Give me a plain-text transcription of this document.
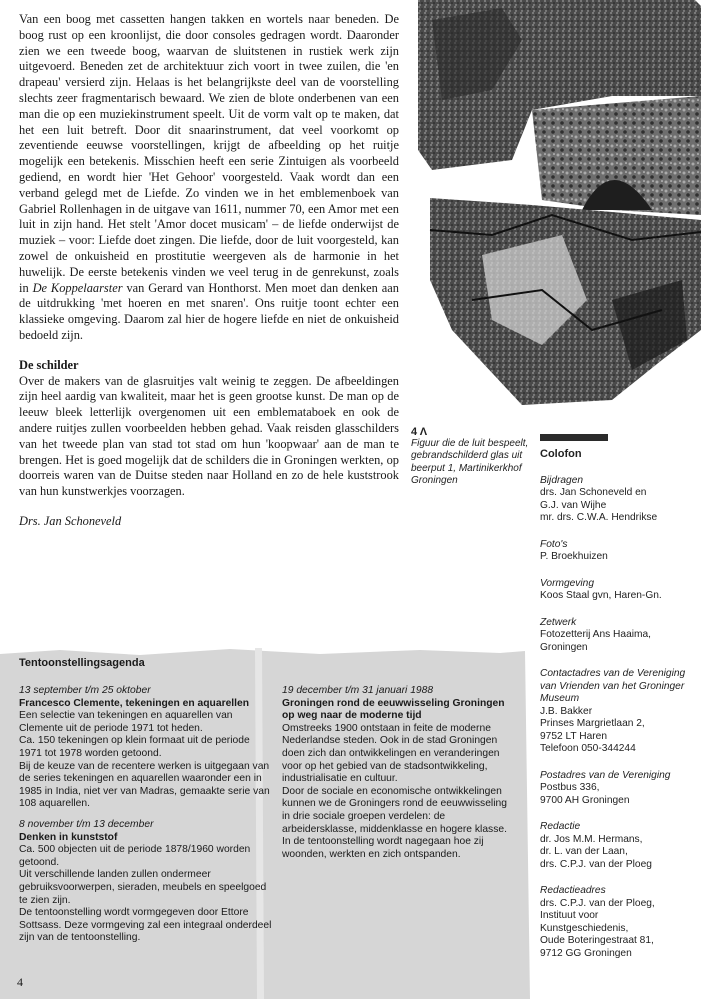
Van een boog met cassetten hangen takken en wortels naar beneden. De boog rust op een kroonlijst, die door consoles gedragen wordt. Daaronder zien we een tweede boog, waarvan de sluitstenen in rustiek werk zijn uitgevoerd. Beneden zet de architektuur zich voort in twee zuilen, die 'en drapeau' versierd zijn. Helaas is het belangrijkste deel van de voorstelling slechts zeer fragmentarisch bewaard. We zien de blote onderbenen van een man die op een muziekinstrument speelt. Uit de vorm valt op te maken, dat het een luit betreft. Door dit snaarinstrument, dat veel voorkomt op zeventiende eeuwse voorstellingen, krijgt de afbeelding op het ruitje mogelijk een betekenis. Misschien heeft een serie Zintuigen als voorbeeld gediend, en wordt hier 'Het Gehoor' voorgesteld. Vaak wordt dan een verband gelegd met de Liefde. Zo vinden we in het emblemenboek van Gabriel Rollenhagen in de uitgave van 1611, nummer 70, een Amor met een luit in zijn hand. Het stelt 'Amor docet musicam' – de liefde onderwijst de muziek – voor: Liefde doet zingen. Die liefde, door de luit voorgesteld, kan zowel de onkuisheid en prostitutie weergeven als de harmonie in het huwelijk. De eerste betekenis vinden we veel terug in de genrekunst, zoals in De Koppelaarster van Gerard van Honthorst. Men moet dan denken aan de uitdrukking 'met hoeren en met snaren'. Ons ruitje toont echter een klassieke omgeving. Daarom zal hier de hogere liefde en niet de onkuisheid bedoeld zijn.

De schilder

Over de makers van de glasruitjes valt weinig te zeggen. De afbeeldingen zijn heel aardig van kwaliteit, maar het is geen grootse kunst. De man op de leeuw bleek letterlijk overgenomen uit een emblemataboek en ook de andere ruitjes zullen voorbeelden hebben gehad. Vaak reisden glasschilders van het tweede plan van stad tot stad om hun 'koopwaar' aan de man te brengen. Het is goed mogelijk dat de schilders die in Groningen werkten, op doorreis waren van de Duitse steden naar Holland en zo de hele kuststrook van hun kunstwerkjes voorzagen.

Drs. Jan Schoneveld

4 Λ
Figuur die de luit bespeelt, gebrandschilderd glas uit beerput 1, Martinikerkhof Groningen
Colofon
Bijdragen
drs. Jan Schoneveld en
G.J. van Wijhe
mr. drs. C.W.A. Hendrikse
Foto's
P. Broekhuizen
Vormgeving
Koos Staal gvn, Haren-Gn.
Zetwerk
Fotozetterij Ans Haaima,
Groningen
Contactadres van de Vereniging van Vrienden van het Groninger Museum
J.B. Bakker
Prinses Margrietlaan 2,
9752 LT Haren
Telefoon 050-344244
Postadres van de Vereniging
Postbus 336,
9700 AH Groningen
Redactie
dr. Jos M.M. Hermans,
dr. L. van der Laan,
drs. C.P.J. van der Ploeg
Redactieadres
drs. C.P.J. van der Ploeg,
Instituut voor
Kunstgeschiedenis,
Oude Boteringestraat 81,
9712 GG Groningen
Tentoonstellingsagenda
13 september t/m 25 oktober
Francesco Clemente, tekeningen en aquarellen

Een selectie van tekeningen en aquarellen van Clemente uit de periode 1971 tot heden.

Ca. 150 tekeningen op klein formaat uit de periode 1971 tot 1978 worden getoond.

Bij de keuze van de recentere werken is uitgegaan van de series tekeningen en aquarellen waaronder een in 1985 in India, niet ver van Madras, gemaakte serie van 108 aquarellen.

8 november t/m 13 december
Denken in kunststof

Ca. 500 objecten uit de periode 1878/1960 worden getoond.

Uit verschillende landen zullen ondermeer gebruiksvoorwerpen, sieraden, meubels en speelgoed te zien zijn.

De tentoonstelling wordt vormgegeven door Ettore Sottsass. Deze vormgeving zal een integraal onderdeel zijn van de tentoonstelling.

19 december t/m 31 januari 1988
Groningen rond de eeuwwisseling Groningen op weg naar de moderne tijd

Omstreeks 1900 ontstaan in feite de moderne Nederlandse steden. Ook in de stad Groningen doen zich dan ontwikkelingen en veranderingen voor op het gebied van de stadsontwikkeling, industrialisatie en cultuur.

Door de sociale en economische ontwikkelingen kunnen we de Groningers rond de eeuwwisseling in drie sociale groepen verdelen: de arbeidersklasse, middenklasse en hogere klasse.

In de tentoonstelling wordt nagegaan hoe zij woonden, werkten en zich ontspanden.

4
